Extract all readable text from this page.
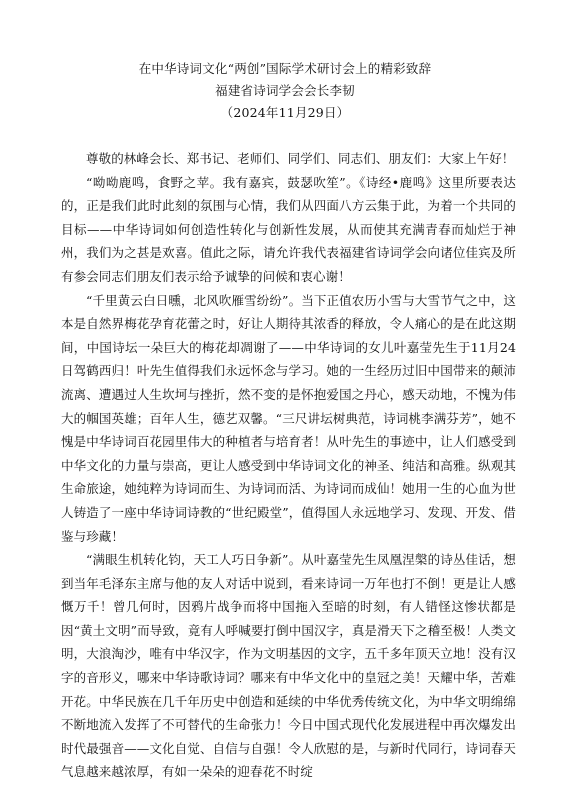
在中华诗词文化“两创”国际学术研讨会上的精彩致辞
福建省诗词学会会长李韧
（2024年11月29日）

尊敬的林峰会长、郑书记、老师们、同学们、同志们、朋友们：大家上午好！

“呦呦鹿鸣，食野之苹。我有嘉宾，鼓瑟吹笙”。《诗经•鹿鸣》这里所要表达的，正是我们此时此刻的氛围与心情，我们从四面八方云集于此，为着一个共同的目标——中华诗词如何创造性转化与创新性发展，从而使其充满青春而灿烂于神州，我们为之甚是欢喜。值此之际，请允许我代表福建省诗词学会向诸位佳宾及所有参会同志们朋友们表示给予诚挚的问候和衷心谢！

“千里黄云白日曛，北风吹雁雪纷纷”。当下正值农历小雪与大雪节气之中，这本是自然界梅花孕育花蕾之时，好让人期待其浓香的释放，令人痛心的是在此这期间，中国诗坛一朵巨大的梅花却凋谢了——中华诗词的女儿叶嘉莹先生于11月24日驾鹤西归！叶先生值得我们永远怀念与学习。她的一生经历过旧中国带来的颠沛流离、遭遇过人生坎坷与挫折，然不变的是怀抱爱国之丹心，感天动地，不愧为伟大的帼国英雄；百年人生，德艺双馨。“三尺讲坛树典范，诗词桃李满芬芳”，她不愧是中华诗词百花园里伟大的种植者与培育者！从叶先生的事迹中，让人们感受到中华文化的力量与崇高，更让人感受到中华诗词文化的神圣、纯洁和高雅。纵观其生命旅途，她纯粹为诗词而生、为诗词而活、为诗词而成仙！她用一生的心血为世人铸造了一座中华诗词诗教的“世纪殿堂”，值得国人永远地学习、发现、开发、借鉴与珍藏！

“满眼生机转化钧，天工人巧日争新”。从叶嘉莹先生凤凰涅槃的诗丛佳话，想到当年毛泽东主席与他的友人对话中说到，看来诗词一万年也打不倒！更是让人感慨万千！曾几何时，因鸦片战争而将中国拖入至暗的时刻，有人错怪这惨状都是因“黄土文明”而导致，竟有人呼喊要打倒中国汉字，真是滑天下之稽至极！人类文明，大浪淘沙，唯有中华汉字，作为文明基因的文字，五千多年顶天立地！没有汉字的音形义，哪来中华诗歌诗词？哪来有中华文化中的皇冠之美！天耀中华，苦难开花。中华民族在几千年历史中创造和延续的中华优秀传统文化，为中华文明绵绵不断地流入发挥了不可替代的生命张力！今日中国式现代化发展进程中再次爆发出时代最强音——文化自觉、自信与自强！令人欣慰的是，与新时代同行，诗词春天气息越来越浓厚，有如一朵朵的迎春花不时绽
